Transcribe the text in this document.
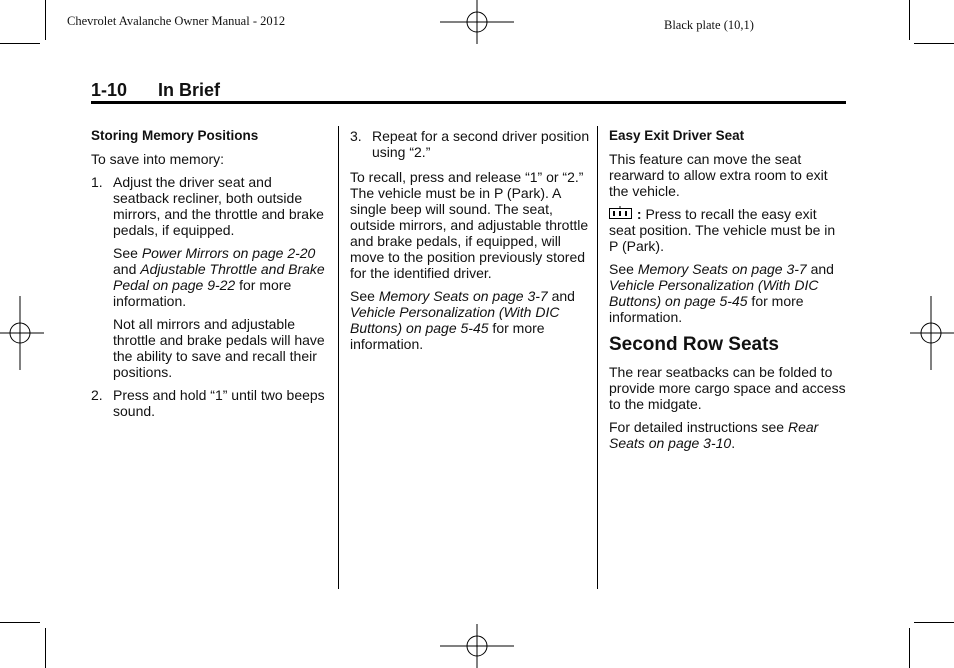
Chevrolet Avalanche Owner Manual - 2012	Black plate (10,1)
1-10 In Brief

Storing Memory Positions

To save into memory:

1. Adjust the driver seat and seatback recliner, both outside mirrors, and the throttle and brake pedals, if equipped.

See Power Mirrors on page 2-20 and Adjustable Throttle and Brake Pedal on page 9-22 for more information.

Not all mirrors and adjustable throttle and brake pedals will have the ability to save and recall their positions.

2. Press and hold “1” until two beeps sound.
3. Repeat for a second driver position using “2.”

To recall, press and release “1” or “2.” The vehicle must be in P (Park). A single beep will sound. The seat, outside mirrors, and adjustable throttle and brake pedals, if equipped, will move to the position previously stored for the identified driver.

See Memory Seats on page 3-7 and Vehicle Personalization (With DIC Buttons) on page 5-45 for more information.

Easy Exit Driver Seat

This feature can move the seat rearward to allow extra room to exit the vehicle.

: Press to recall the easy exit seat position. The vehicle must be in P (Park).

See Memory Seats on page 3-7 and Vehicle Personalization (With DIC Buttons) on page 5-45 for more information.

Second Row Seats

The rear seatbacks can be folded to provide more cargo space and access to the midgate.

For detailed instructions see Rear Seats on page 3-10.
